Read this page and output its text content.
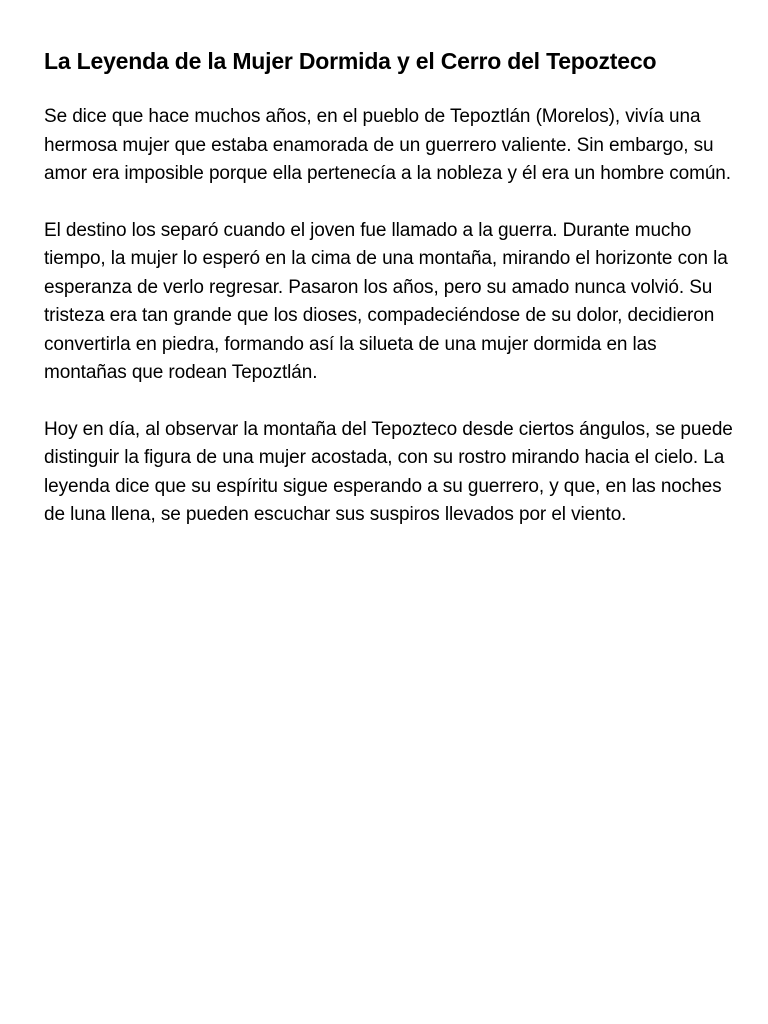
La Leyenda de la Mujer Dormida y el Cerro del Tepozteco

Se dice que hace muchos años, en el pueblo de Tepoztlán (Morelos), vivía una hermosa mujer que estaba enamorada de un guerrero valiente. Sin embargo, su amor era imposible porque ella pertenecía a la nobleza y él era un hombre común.

El destino los separó cuando el joven fue llamado a la guerra. Durante mucho tiempo, la mujer lo esperó en la cima de una montaña, mirando el horizonte con la esperanza de verlo regresar. Pasaron los años, pero su amado nunca volvió. Su tristeza era tan grande que los dioses, compadeciéndose de su dolor, decidieron convertirla en piedra, formando así la silueta de una mujer dormida en las montañas que rodean Tepoztlán.

Hoy en día, al observar la montaña del Tepozteco desde ciertos ángulos, se puede distinguir la figura de una mujer acostada, con su rostro mirando hacia el cielo. La leyenda dice que su espíritu sigue esperando a su guerrero, y que, en las noches de luna llena, se pueden escuchar sus suspiros llevados por el viento.
